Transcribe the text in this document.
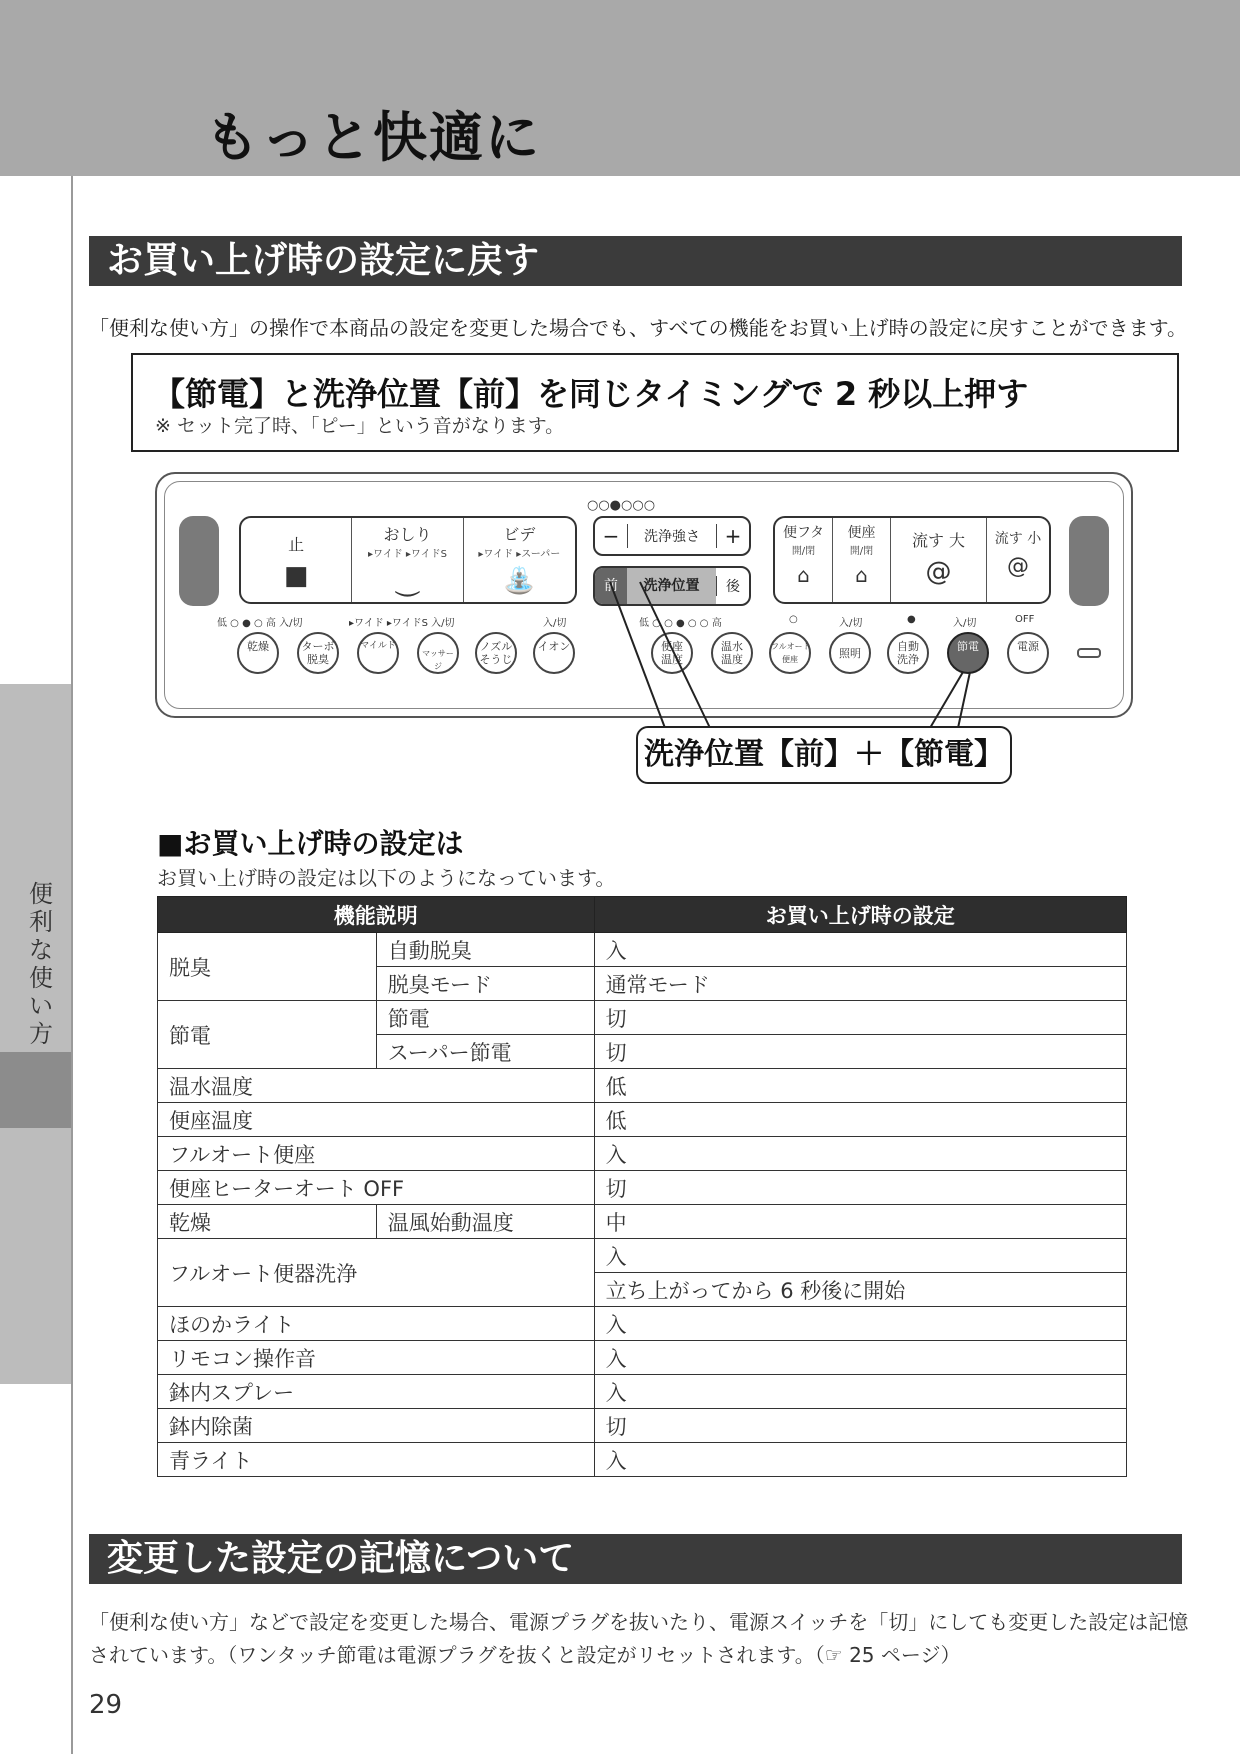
もっと快適に
便利な使い方
お買い上げ時の設定に戻す
「便利な使い方」の操作で本商品の設定を変更した場合でも、すべての機能をお買い上げ時の設定に戻すことができます。
【節電】と洗浄位置【前】を同じタイミングで 2 秒以上押す
※ セット完了時、「ピー」という音がなります。
止
■
おしり
▸ワイド ▸ワイドS
⏝
ビデ
▸ワイド ▸スーパー
⛲
○○●○○○
−	洗浄強さ	+
前	洗浄位置	後
便フタ
開/閉
⌂
便座
開/閉
⌂
流す 大
@
流す 小
@
低 ○ ● ○ 高 入/切	▸ワイド ▸ワイドS 入/切	入/切	低 ○ ○ ● ○ ○ 高	○	入/切	●	入/切	OFF
乾燥	ターボ
脱臭
マイルド
マッサージ
ノズル
そうじ
イオン	便座
温度
温水
温度
フルオート
便座	照明
自動
洗浄
節電	電源
洗浄位置【前】＋【節電】
■お買い上げ時の設定は
お買い上げ時の設定は以下のようになっています。
機能説明		お買い上げ時の設定
脱臭	自動脱臭	入
	脱臭モード	通常モード
節電	節電	切
	スーパー節電	切
温水温度		低
便座温度		低
フルオート便座		入
便座ヒーターオート OFF		切
乾燥	温風始動温度	中
フルオート便器洗浄		入
		立ち上がってから 6 秒後に開始
ほのかライト		入
リモコン操作音		入
鉢内スプレー		入
鉢内除菌		切
青ライト		入
変更した設定の記憶について
「便利な使い方」などで設定を変更した場合、電源プラグを抜いたり、電源スイッチを「切」にしても変更した設定は記憶されています。（ワンタッチ節電は電源プラグを抜くと設定がリセットされます。（☞ 25 ページ）
29
